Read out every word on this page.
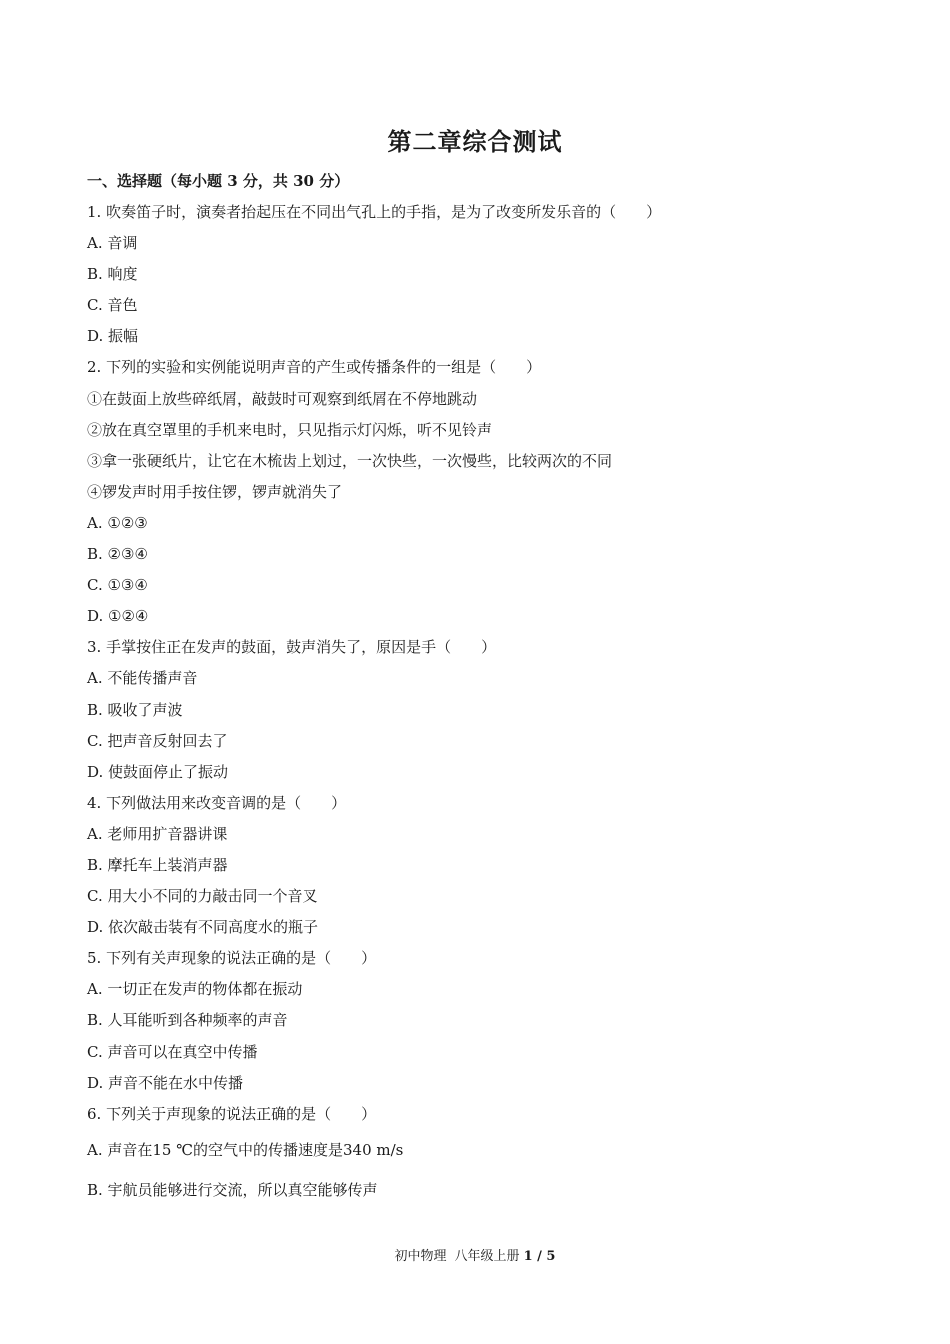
第二章综合测试
一、选择题（每小题 3 分，共 30 分）
1. 吹奏笛子时，演奏者抬起压在不同出气孔上的手指，是为了改变所发乐音的（　　）
A. 音调
B. 响度
C. 音色
D. 振幅
2. 下列的实验和实例能说明声音的产生或传播条件的一组是（　　）
①在鼓面上放些碎纸屑，敲鼓时可观察到纸屑在不停地跳动
②放在真空罩里的手机来电时，只见指示灯闪烁，听不见铃声
③拿一张硬纸片，让它在木梳齿上划过，一次快些，一次慢些，比较两次的不同
④锣发声时用手按住锣，锣声就消失了
A. ①②③
B. ②③④
C. ①③④
D. ①②④
3. 手掌按住正在发声的鼓面，鼓声消失了，原因是手（　　）
A. 不能传播声音
B. 吸收了声波
C. 把声音反射回去了
D. 使鼓面停止了振动
4. 下列做法用来改变音调的是（　　）
A. 老师用扩音器讲课
B. 摩托车上装消声器
C. 用大小不同的力敲击同一个音叉
D. 依次敲击装有不同高度水的瓶子
5. 下列有关声现象的说法正确的是（　　）
A. 一切正在发声的物体都在振动
B. 人耳能听到各种频率的声音
C. 声音可以在真空中传播
D. 声音不能在水中传播
6. 下列关于声现象的说法正确的是（　　）
A. 声音在15 ℃的空气中的传播速度是340 m/s
B. 宇航员能够进行交流，所以真空能够传声
初中物理 八年级上册 1 / 5
